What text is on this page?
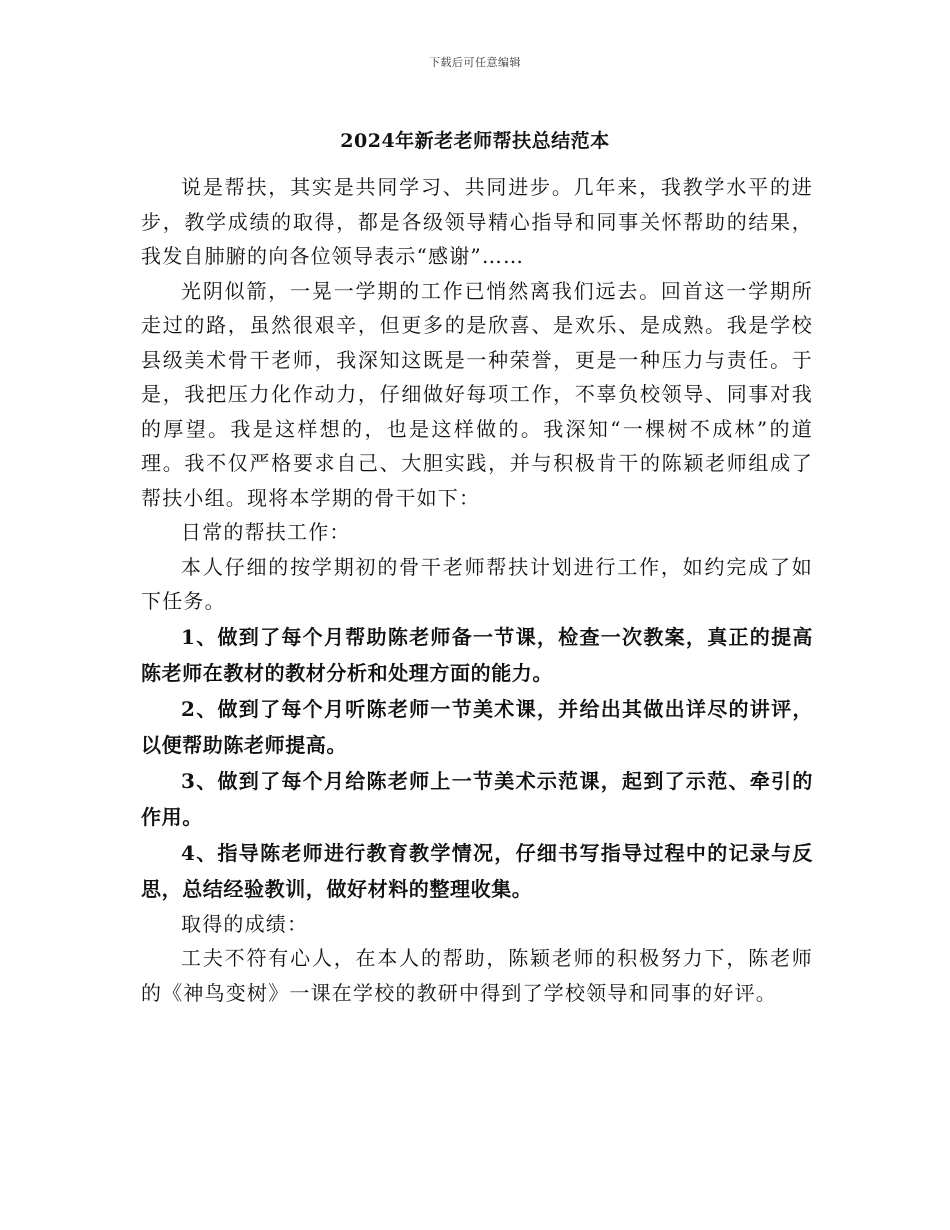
下载后可任意编辑
2024年新老老师帮扶总结范本

说是帮扶，其实是共同学习、共同进步。几年来，我教学水平的进步，教学成绩的取得，都是各级领导精心指导和同事关怀帮助的结果，我发自肺腑的向各位领导表示“感谢”……

光阴似箭，一晃一学期的工作已悄然离我们远去。回首这一学期所走过的路，虽然很艰辛，但更多的是欣喜、是欢乐、是成熟。我是学校县级美术骨干老师，我深知这既是一种荣誉，更是一种压力与责任。于是，我把压力化作动力，仔细做好每项工作，不辜负校领导、同事对我的厚望。我是这样想的，也是这样做的。我深知“一棵树不成林”的道理。我不仅严格要求自己、大胆实践，并与积极肯干的陈颖老师组成了帮扶小组。现将本学期的骨干如下：

日常的帮扶工作：

本人仔细的按学期初的骨干老师帮扶计划进行工作，如约完成了如下任务。

1、做到了每个月帮助陈老师备一节课，检查一次教案，真正的提高陈老师在教材的教材分析和处理方面的能力。

2、做到了每个月听陈老师一节美术课，并给出其做出详尽的讲评，以便帮助陈老师提高。

3、做到了每个月给陈老师上一节美术示范课，起到了示范、牵引的作用。

4、指导陈老师进行教育教学情况，仔细书写指导过程中的记录与反思，总结经验教训，做好材料的整理收集。

取得的成绩：

工夫不符有心人，在本人的帮助，陈颖老师的积极努力下，陈老师的《神鸟变树》一课在学校的教研中得到了学校领导和同事的好评。
